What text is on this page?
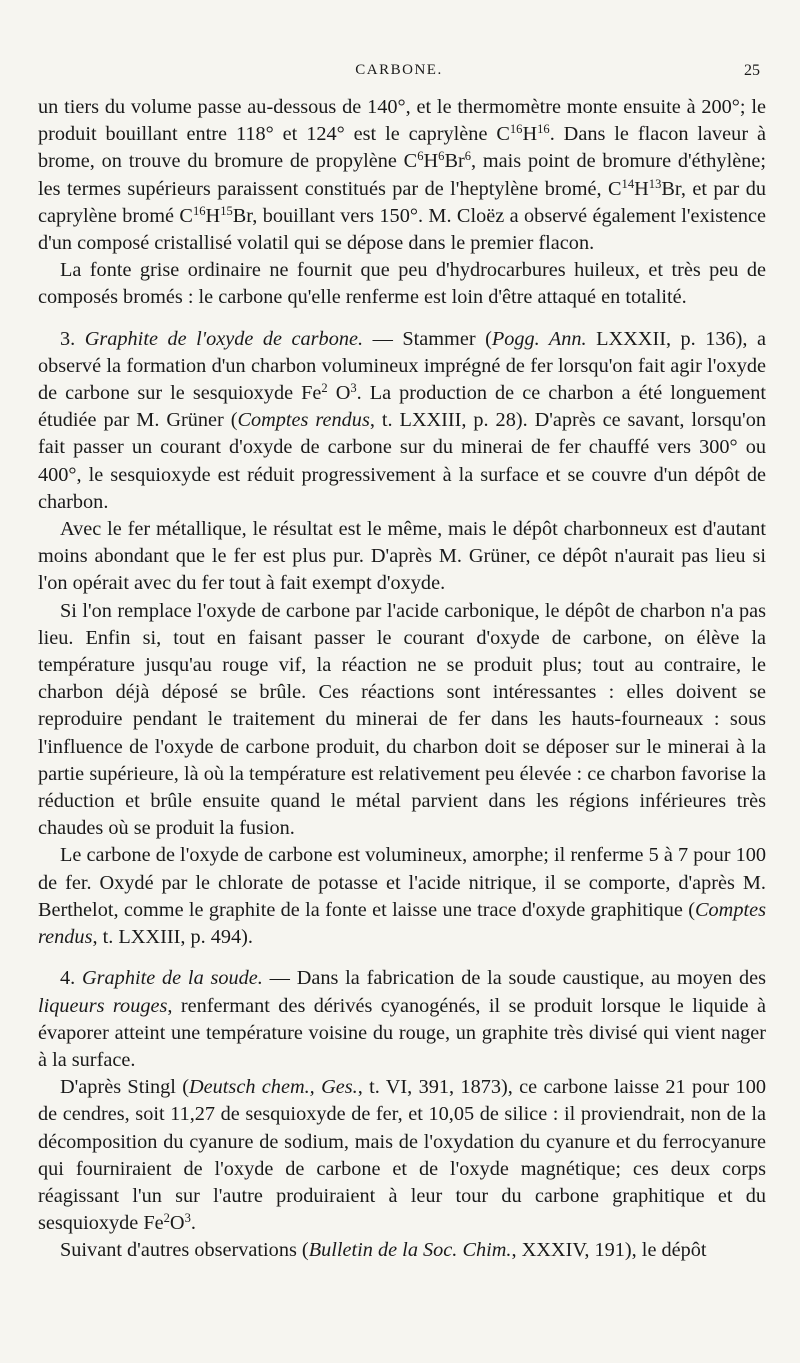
CARBONE.	25

un tiers du volume passe au-dessous de 140°, et le thermomètre monte ensuite à 200°; le produit bouillant entre 118° et 124° est le caprylène $C^{16}H^{16}$. Dans le flacon laveur à brome, on trouve du bromure de propylène $C^6H^6Br^6$, mais point de bromure d'éthylène; les termes supérieurs paraissent constitués par de l'heptylène bromé, $C^{14}H^{13}Br$, et par du caprylène bromé $C^{16}H^{15}Br$, bouillant vers 150°. M. Cloëz a observé également l'existence d'un composé cristallisé volatil qui se dépose dans le premier flacon.

La fonte grise ordinaire ne fournit que peu d'hydrocarbures huileux, et très peu de composés bromés : le carbone qu'elle renferme est loin d'être attaqué en totalité.

3. Graphite de l'oxyde de carbone. — Stammer (Pogg. Ann. LXXXII, p. 136), a observé la formation d'un charbon volumineux imprégné de fer lorsqu'on fait agir l'oxyde de carbone sur le sesquioxyde Fe$^2$ $O^3$. La production de ce charbon a été longuement étudiée par M. Grüner (Comptes rendus, t. LXXIII, p. 28). D'après ce savant, lorsqu'on fait passer un courant d'oxyde de carbone sur du minerai de fer chauffé vers 300° ou 400°, le sesquioxyde est réduit progressivement à la surface et se couvre d'un dépôt de charbon.

Avec le fer métallique, le résultat est le même, mais le dépôt charbonneux est d'autant moins abondant que le fer est plus pur. D'après M. Grüner, ce dépôt n'aurait pas lieu si l'on opérait avec du fer tout à fait exempt d'oxyde.

Si l'on remplace l'oxyde de carbone par l'acide carbonique, le dépôt de charbon n'a pas lieu. Enfin si, tout en faisant passer le courant d'oxyde de carbone, on élève la température jusqu'au rouge vif, la réaction ne se produit plus; tout au contraire, le charbon déjà déposé se brûle. Ces réactions sont intéressantes : elles doivent se reproduire pendant le traitement du minerai de fer dans les hauts-fourneaux : sous l'influence de l'oxyde de carbone produit, du charbon doit se déposer sur le minerai à la partie supérieure, là où la température est relativement peu élevée : ce charbon favorise la réduction et brûle ensuite quand le métal parvient dans les régions inférieures très chaudes où se produit la fusion.

Le carbone de l'oxyde de carbone est volumineux, amorphe; il renferme 5 à 7 pour 100 de fer. Oxydé par le chlorate de potasse et l'acide nitrique, il se comporte, d'après M. Berthelot, comme le graphite de la fonte et laisse une trace d'oxyde graphitique (Comptes rendus, t. LXXIII, p. 494).

4. Graphite de la soude. — Dans la fabrication de la soude caustique, au moyen des liqueurs rouges, renfermant des dérivés cyanogénés, il se produit lorsque le liquide à évaporer atteint une température voisine du rouge, un graphite très divisé qui vient nager à la surface.

D'après Stingl (Deutsch chem., Ges., t. VI, 391, 1873), ce carbone laisse 21 pour 100 de cendres, soit 11,27 de sesquioxyde de fer, et 10,05 de silice : il proviendrait, non de la décomposition du cyanure de sodium, mais de l'oxydation du cyanure et du ferrocyanure qui fourniraient de l'oxyde de carbone et de l'oxyde magnétique; ces deux corps réagissant l'un sur l'autre produiraient à leur tour du carbone graphitique et du sesquioxyde $Fe^2O^3$.

Suivant d'autres observations (Bulletin de la Soc. Chim., XXXIV, 191), le dépôt
